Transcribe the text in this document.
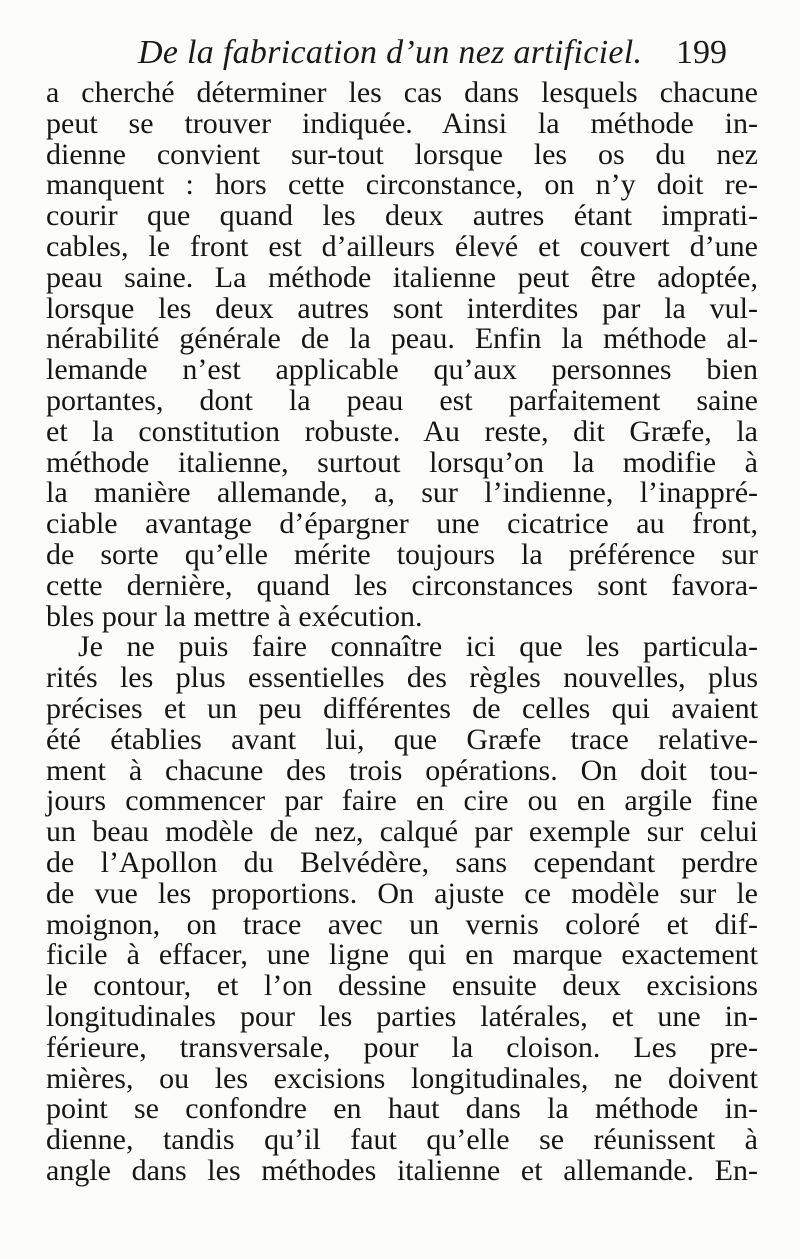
De la fabrication d’un nez artificiel. 199
a cherché déterminer les cas dans lesquels chacune
peut se trouver indiquée. Ainsi la méthode in-
dienne convient sur-tout lorsque les os du nez
manquent : hors cette circonstance, on n’y doit re-
courir que quand les deux autres étant imprati-
cables, le front est d’ailleurs élevé et couvert d’une
peau saine. La méthode italienne peut être adoptée,
lorsque les deux autres sont interdites par la vul-
nérabilité générale de la peau. Enfin la méthode al-
lemande n’est applicable qu’aux personnes bien
portantes, dont la peau est parfaitement saine
et la constitution robuste. Au reste, dit Græfe, la
méthode italienne, surtout lorsqu’on la modifie à
la manière allemande, a, sur l’indienne, l’inappré-
ciable avantage d’épargner une cicatrice au front,
de sorte qu’elle mérite toujours la préférence sur
cette dernière, quand les circonstances sont favora-
bles pour la mettre à exécution.
Je ne puis faire connaître ici que les particula-
rités les plus essentielles des règles nouvelles, plus
précises et un peu différentes de celles qui avaient
été établies avant lui, que Græfe trace relative-
ment à chacune des trois opérations. On doit tou-
jours commencer par faire en cire ou en argile fine
un beau modèle de nez, calqué par exemple sur celui
de l’Apollon du Belvédère, sans cependant perdre
de vue les proportions. On ajuste ce modèle sur le
moignon, on trace avec un vernis coloré et dif-
ficile à effacer, une ligne qui en marque exactement
le contour, et l’on dessine ensuite deux excisions
longitudinales pour les parties latérales, et une in-
férieure, transversale, pour la cloison. Les pre-
mières, ou les excisions longitudinales, ne doivent
point se confondre en haut dans la méthode in-
dienne, tandis qu’il faut qu’elle se réunissent à
angle dans les méthodes italienne et allemande. En-
